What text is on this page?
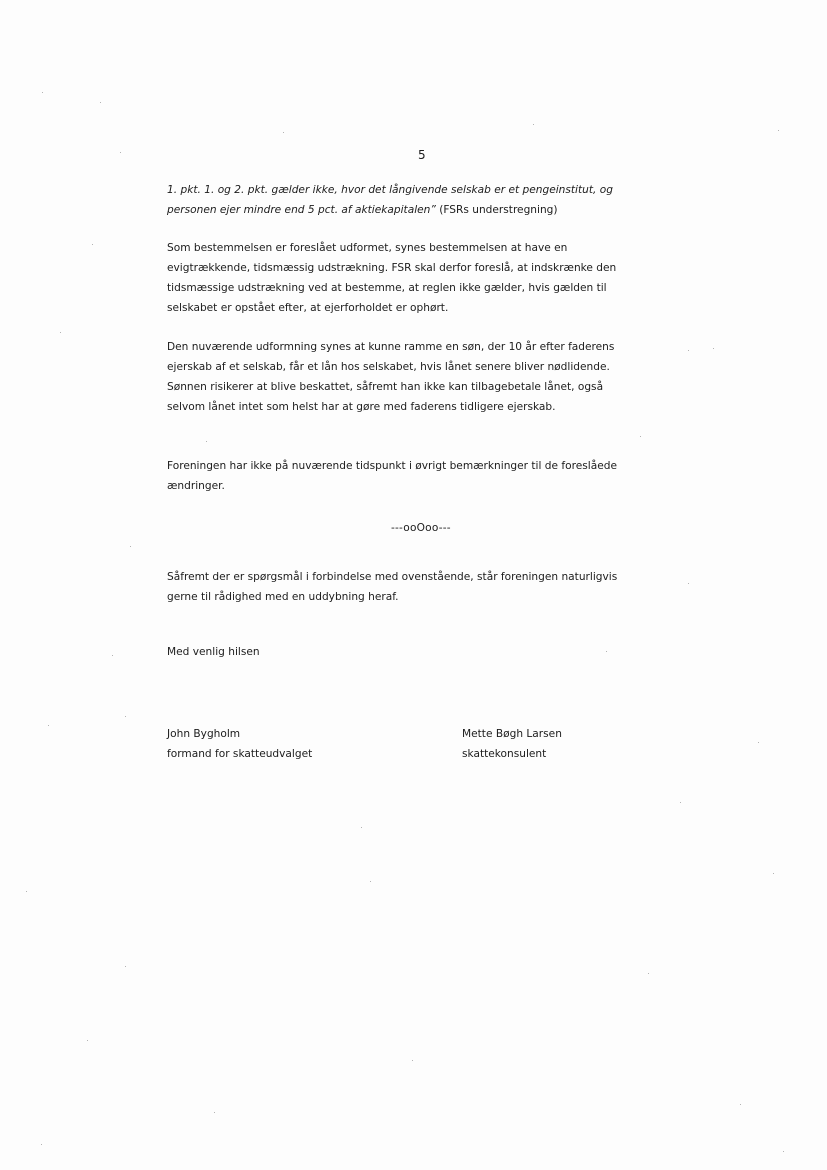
5

1. pkt. 1. og 2. pkt. gælder ikke, hvor det långivende selskab er et pengeinstitut, og
personen ejer mindre end 5 pct. af aktiekapitalen” (FSRs understregning)

Som bestemmelsen er foreslået udformet, synes bestemmelsen at have en
evigtrækkende, tidsmæssig udstrækning. FSR skal derfor foreslå, at indskrænke den
tidsmæssige udstrækning ved at bestemme, at reglen ikke gælder, hvis gælden til
selskabet er opstået efter, at ejerforholdet er ophørt.

Den nuværende udformning synes at kunne ramme en søn, der 10 år efter faderens
ejerskab af et selskab, får et lån hos selskabet, hvis lånet senere bliver nødlidende.
Sønnen risikerer at blive beskattet, såfremt han ikke kan tilbagebetale lånet, også
selvom lånet intet som helst har at gøre med faderens tidligere ejerskab.

Foreningen har ikke på nuværende tidspunkt i øvrigt bemærkninger til de foreslåede
ændringer.

---ooOoo---

Såfremt der er spørgsmål i forbindelse med ovenstående, står foreningen naturligvis
gerne til rådighed med en uddybning heraf.

Med venlig hilsen
John Bygholm
formand for skatteudvalget
Mette Bøgh Larsen
skattekonsulent
